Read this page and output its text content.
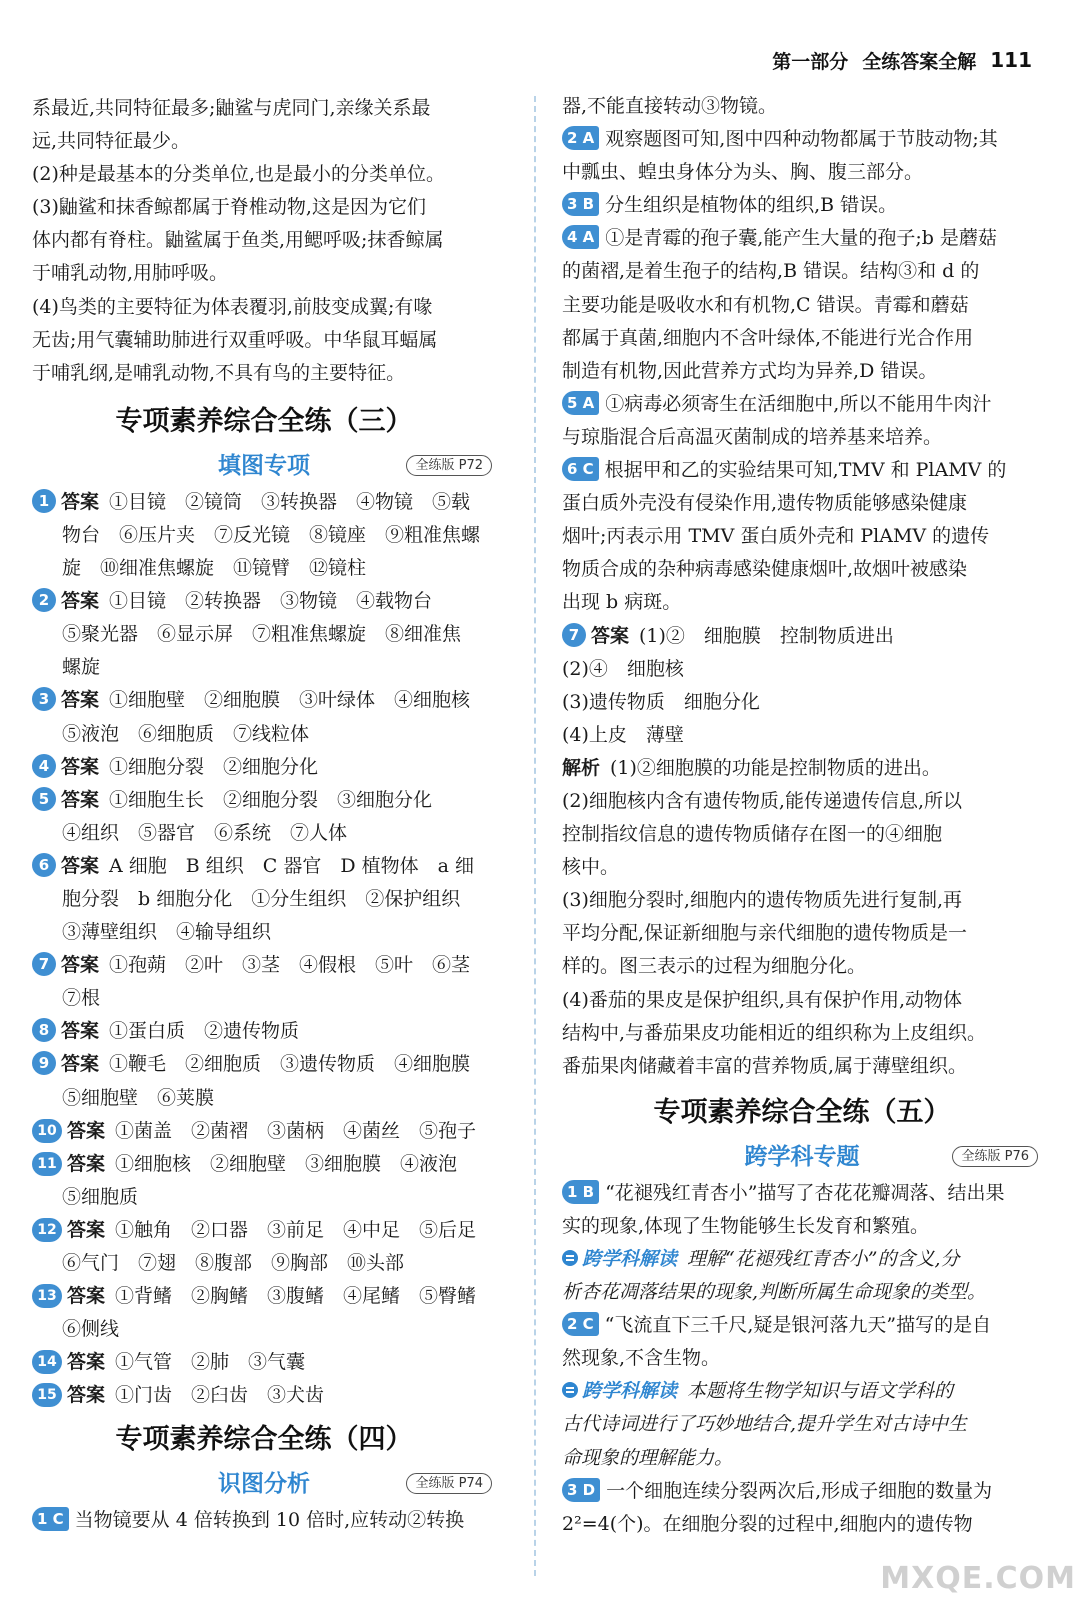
第一部分 全练答案全解 111

系最近,共同特征最多;鼬鲨与虎同门,亲缘关系最

远,共同特征最少。

(2)种是最基本的分类单位,也是最小的分类单位。

(3)鼬鲨和抹香鲸都属于脊椎动物,这是因为它们

体内都有脊柱。鼬鲨属于鱼类,用鳃呼吸;抹香鲸属

于哺乳动物,用肺呼吸。

(4)鸟类的主要特征为体表覆羽,前肢变成翼;有喙

无齿;用气囊辅助肺进行双重呼吸。中华鼠耳蝠属

于哺乳纲,是哺乳动物,不具有鸟的主要特征。

专项素养综合全练（三）
填图专项	全练版 P72

1 答案 ①目镜　②镜筒　③转换器　④物镜　⑤载

物台　⑥压片夹　⑦反光镜　⑧镜座　⑨粗准焦螺

旋　⑩细准焦螺旋　⑪镜臂　⑫镜柱

2 答案 ①目镜　②转换器　③物镜　④载物台

⑤聚光器　⑥显示屏　⑦粗准焦螺旋　⑧细准焦

螺旋

3 答案 ①细胞壁　②细胞膜　③叶绿体　④细胞核

⑤液泡　⑥细胞质　⑦线粒体

4 答案 ①细胞分裂　②细胞分化

5 答案 ①细胞生长　②细胞分裂　③细胞分化

④组织　⑤器官　⑥系统　⑦人体

6 答案 A 细胞　B 组织　C 器官　D 植物体　a 细

胞分裂　b 细胞分化　①分生组织　②保护组织

③薄壁组织　④输导组织

7 答案 ①孢蒴　②叶　③茎　④假根　⑤叶　⑥茎

⑦根

8 答案 ①蛋白质　②遗传物质

9 答案 ①鞭毛　②细胞质　③遗传物质　④细胞膜

⑤细胞壁　⑥荚膜

10 答案 ①菌盖　②菌褶　③菌柄　④菌丝　⑤孢子

11 答案 ①细胞核　②细胞壁　③细胞膜　④液泡

⑤细胞质

12 答案 ①触角　②口器　③前足　④中足　⑤后足

⑥气门　⑦翅　⑧腹部　⑨胸部　⑩头部

13 答案 ①背鳍　②胸鳍　③腹鳍　④尾鳍　⑤臀鳍

⑥侧线

14 答案 ①气管　②肺　③气囊

15 答案 ①门齿　②臼齿　③犬齿

专项素养综合全练（四）
识图分析	全练版 P74

1 C 当物镜要从 4 倍转换到 10 倍时,应转动②转换

器,不能直接转动③物镜。

2 A 观察题图可知,图中四种动物都属于节肢动物;其

中瓢虫、蝗虫身体分为头、胸、腹三部分。

3 B 分生组织是植物体的组织,B 错误。

4 A ①是青霉的孢子囊,能产生大量的孢子;b 是蘑菇

的菌褶,是着生孢子的结构,B 错误。结构③和 d 的

主要功能是吸收水和有机物,C 错误。青霉和蘑菇

都属于真菌,细胞内不含叶绿体,不能进行光合作用

制造有机物,因此营养方式均为异养,D 错误。

5 A ①病毒必须寄生在活细胞中,所以不能用牛肉汁

与琼脂混合后高温灭菌制成的培养基来培养。

6 C 根据甲和乙的实验结果可知,TMV 和 PlAMV 的

蛋白质外壳没有侵染作用,遗传物质能够感染健康

烟叶;丙表示用 TMV 蛋白质外壳和 PlAMV 的遗传

物质合成的杂种病毒感染健康烟叶,故烟叶被感染

出现 b 病斑。

7 答案 (1)②　细胞膜　控制物质进出

(2)④　细胞核

(3)遗传物质　细胞分化

(4)上皮　薄壁

解析 (1)②细胞膜的功能是控制物质的进出。

(2)细胞核内含有遗传物质,能传递遗传信息,所以

控制指纹信息的遗传物质储存在图一的④细胞

核中。

(3)细胞分裂时,细胞内的遗传物质先进行复制,再

平均分配,保证新细胞与亲代细胞的遗传物质是一

样的。图三表示的过程为细胞分化。

(4)番茄的果皮是保护组织,具有保护作用,动物体

结构中,与番茄果皮功能相近的组织称为上皮组织。

番茄果肉储藏着丰富的营养物质,属于薄壁组织。

专项素养综合全练（五）
跨学科专题	全练版 P76

1 B “花褪残红青杏小”描写了杏花花瓣凋落、结出果

实的现象,体现了生物能够生长发育和繁殖。

跨学科解读 理解“花褪残红青杏小”的含义,分

析杏花凋落结果的现象,判断所属生命现象的类型。

2 C “飞流直下三千尺,疑是银河落九天”描写的是自

然现象,不含生物。

跨学科解读 本题将生物学知识与语文学科的

古代诗词进行了巧妙地结合,提升学生对古诗中生

命现象的理解能力。

3 D 一个细胞连续分裂两次后,形成子细胞的数量为

2²=4(个)。在细胞分裂的过程中,细胞内的遗传物

MXQE.COM
